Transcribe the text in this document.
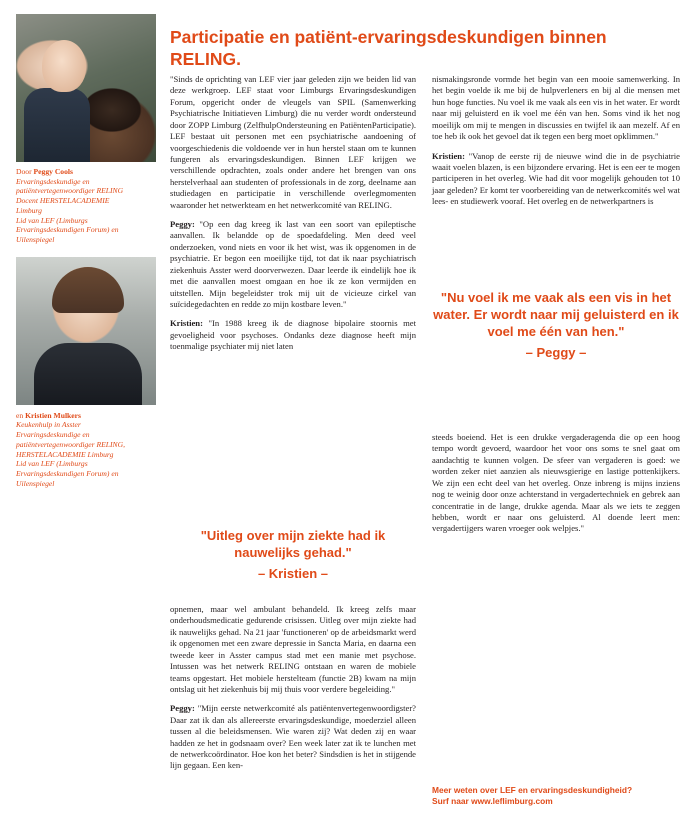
Door Peggy Cools
Ervaringsdeskundige en
patiëntvertegenwoordiger RELING
Docent HERSTELACADEMIE
Limburg
Lid van LEF (Limburgs
Ervaringsdeskundigen Forum) en
Uilenspiegel
en Kristien Mulkers
Keukenhulp in Asster
Ervaringsdeskundige en
patiëntvertegenwoordiger RELING,
HERSTELACADEMIE Limburg
Lid van LEF (Limburgs
Ervaringsdeskundigen Forum) en
Uilenspiegel
Participatie en patiënt-ervaringsdeskundigen binnen RELING.

"Sinds de oprichting van LEF vier jaar geleden zijn we beiden lid van deze werkgroep. LEF staat voor Limburgs Ervaringsdeskundigen Forum, opgericht onder de vleugels van SPIL (Samenwerking Psychiatrische Initiatieven Limburg) die nu verder wordt ondersteund door ZOPP Limburg (ZelfhulpOndersteuning en PatiëntenParticipatie). LEF bestaat uit personen met een psychiatrische aandoening of voorgeschiedenis die voldoende ver in hun herstel staan om te kunnen fungeren als ervaringsdeskundigen. Binnen LEF krijgen we verschillende opdrachten, zoals onder andere het brengen van ons herstelverhaal aan studenten of professionals in de zorg, deelname aan studiedagen en participatie in verschillende overlegmomenten waaronder het netwerkteam en het netwerkcomité van RELING.

Peggy: "Op een dag kreeg ik last van een soort van epileptische aanvallen. Ik belandde op de spoedafdeling. Men deed veel onderzoeken, vond niets en voor ik het wist, was ik opgenomen in de psychiatrie. Er begon een moeilijke tijd, tot dat ik naar psychiatrisch ziekenhuis Asster werd doorverwezen. Daar leerde ik eindelijk hoe ik met die aanvallen moest omgaan en hoe ik ze kon vermijden en uitstellen. Mijn begeleidster trok mij uit de vicieuze cirkel van suïcidegedachten en redde zo mijn kostbare leven."

Kristien: "In 1988 kreeg ik de diagnose bipolaire stoornis met gevoeligheid voor psychoses. Ondanks deze diagnose heeft mijn toenmalige psychiater mij niet laten

"Uitleg over mijn ziekte had ik nauwelijks gehad."
– Kristien –

opnemen, maar wel ambulant behandeld. Ik kreeg zelfs maar onderhoudsmedicatie gedurende crisissen. Uitleg over mijn ziekte had ik nauwelijks gehad. Na 21 jaar 'functioneren' op de arbeidsmarkt werd ik opgenomen met een zware depressie in Sancta Maria, en daarna een tweede keer in Asster campus stad met een manie met psychose. Intussen was het netwerk RELING ontstaan en waren de mobiele teams opgestart. Het mobiele herstelteam (functie 2B) kwam na mijn ontslag uit het ziekenhuis bij mij thuis voor verdere begeleiding."

Peggy: "Mijn eerste netwerkcomité als patiëntenvertegenwoordigster? Daar zat ik dan als allereerste ervaringsdeskundige, moederziel alleen tussen al die beleidsmensen. Wie waren zij? Wat deden zij en waar hadden ze het in godsnaam over? Een week later zat ik te lunchen met de netwerkcoördinator. Hoe kon het beter? Sindsdien is het in stijgende lijn gegaan. Een ken-

nismakingsronde vormde het begin van een mooie samenwerking. In het begin voelde ik me bij de hulpverleners en bij al die mensen met hun hoge functies. Nu voel ik me vaak als een vis in het water. Er wordt naar mij geluisterd en ik voel me één van hen. Soms vind ik het nog moeilijk om mij te mengen in discussies en twijfel ik aan mezelf. Af en toe heb ik ook het gevoel dat ik tegen een berg moet opklimmen."

Kristien: "Vanop de eerste rij de nieuwe wind die in de psychiatrie waait voelen blazen, is een bijzondere ervaring. Het is een eer te mogen participeren in het overleg. Wie had dit voor mogelijk gehouden tot 10 jaar geleden? Er komt ter voorbereiding van de netwerkcomités wel wat lees- en studiewerk vooraf. Het overleg en de netwerkpartners is

"Nu voel ik me vaak als een vis in het water. Er wordt naar mij geluisterd en ik voel me één van hen."
– Peggy –

steeds boeiend. Het is een drukke vergaderagenda die op een hoog tempo wordt gevoerd, waardoor het voor ons soms te snel gaat om aandachtig te kunnen volgen. De sfeer van vergaderen is goed: we worden zeker niet aanzien als nieuwsgierige en lastige pottenkijkers. We zijn een echt deel van het overleg. Onze inbreng is mijns inziens nog te weinig door onze achterstand in vergadertechniek en gebrek aan concentratie in de lange, drukke agenda. Maar als we iets te zeggen hebben, wordt er naar ons geluisterd. Al doende leert men: vergadertijgers waren vroeger ook welpjes."

Meer weten over LEF en ervaringsdeskundigheid?
Surf naar www.leflimburg.com
